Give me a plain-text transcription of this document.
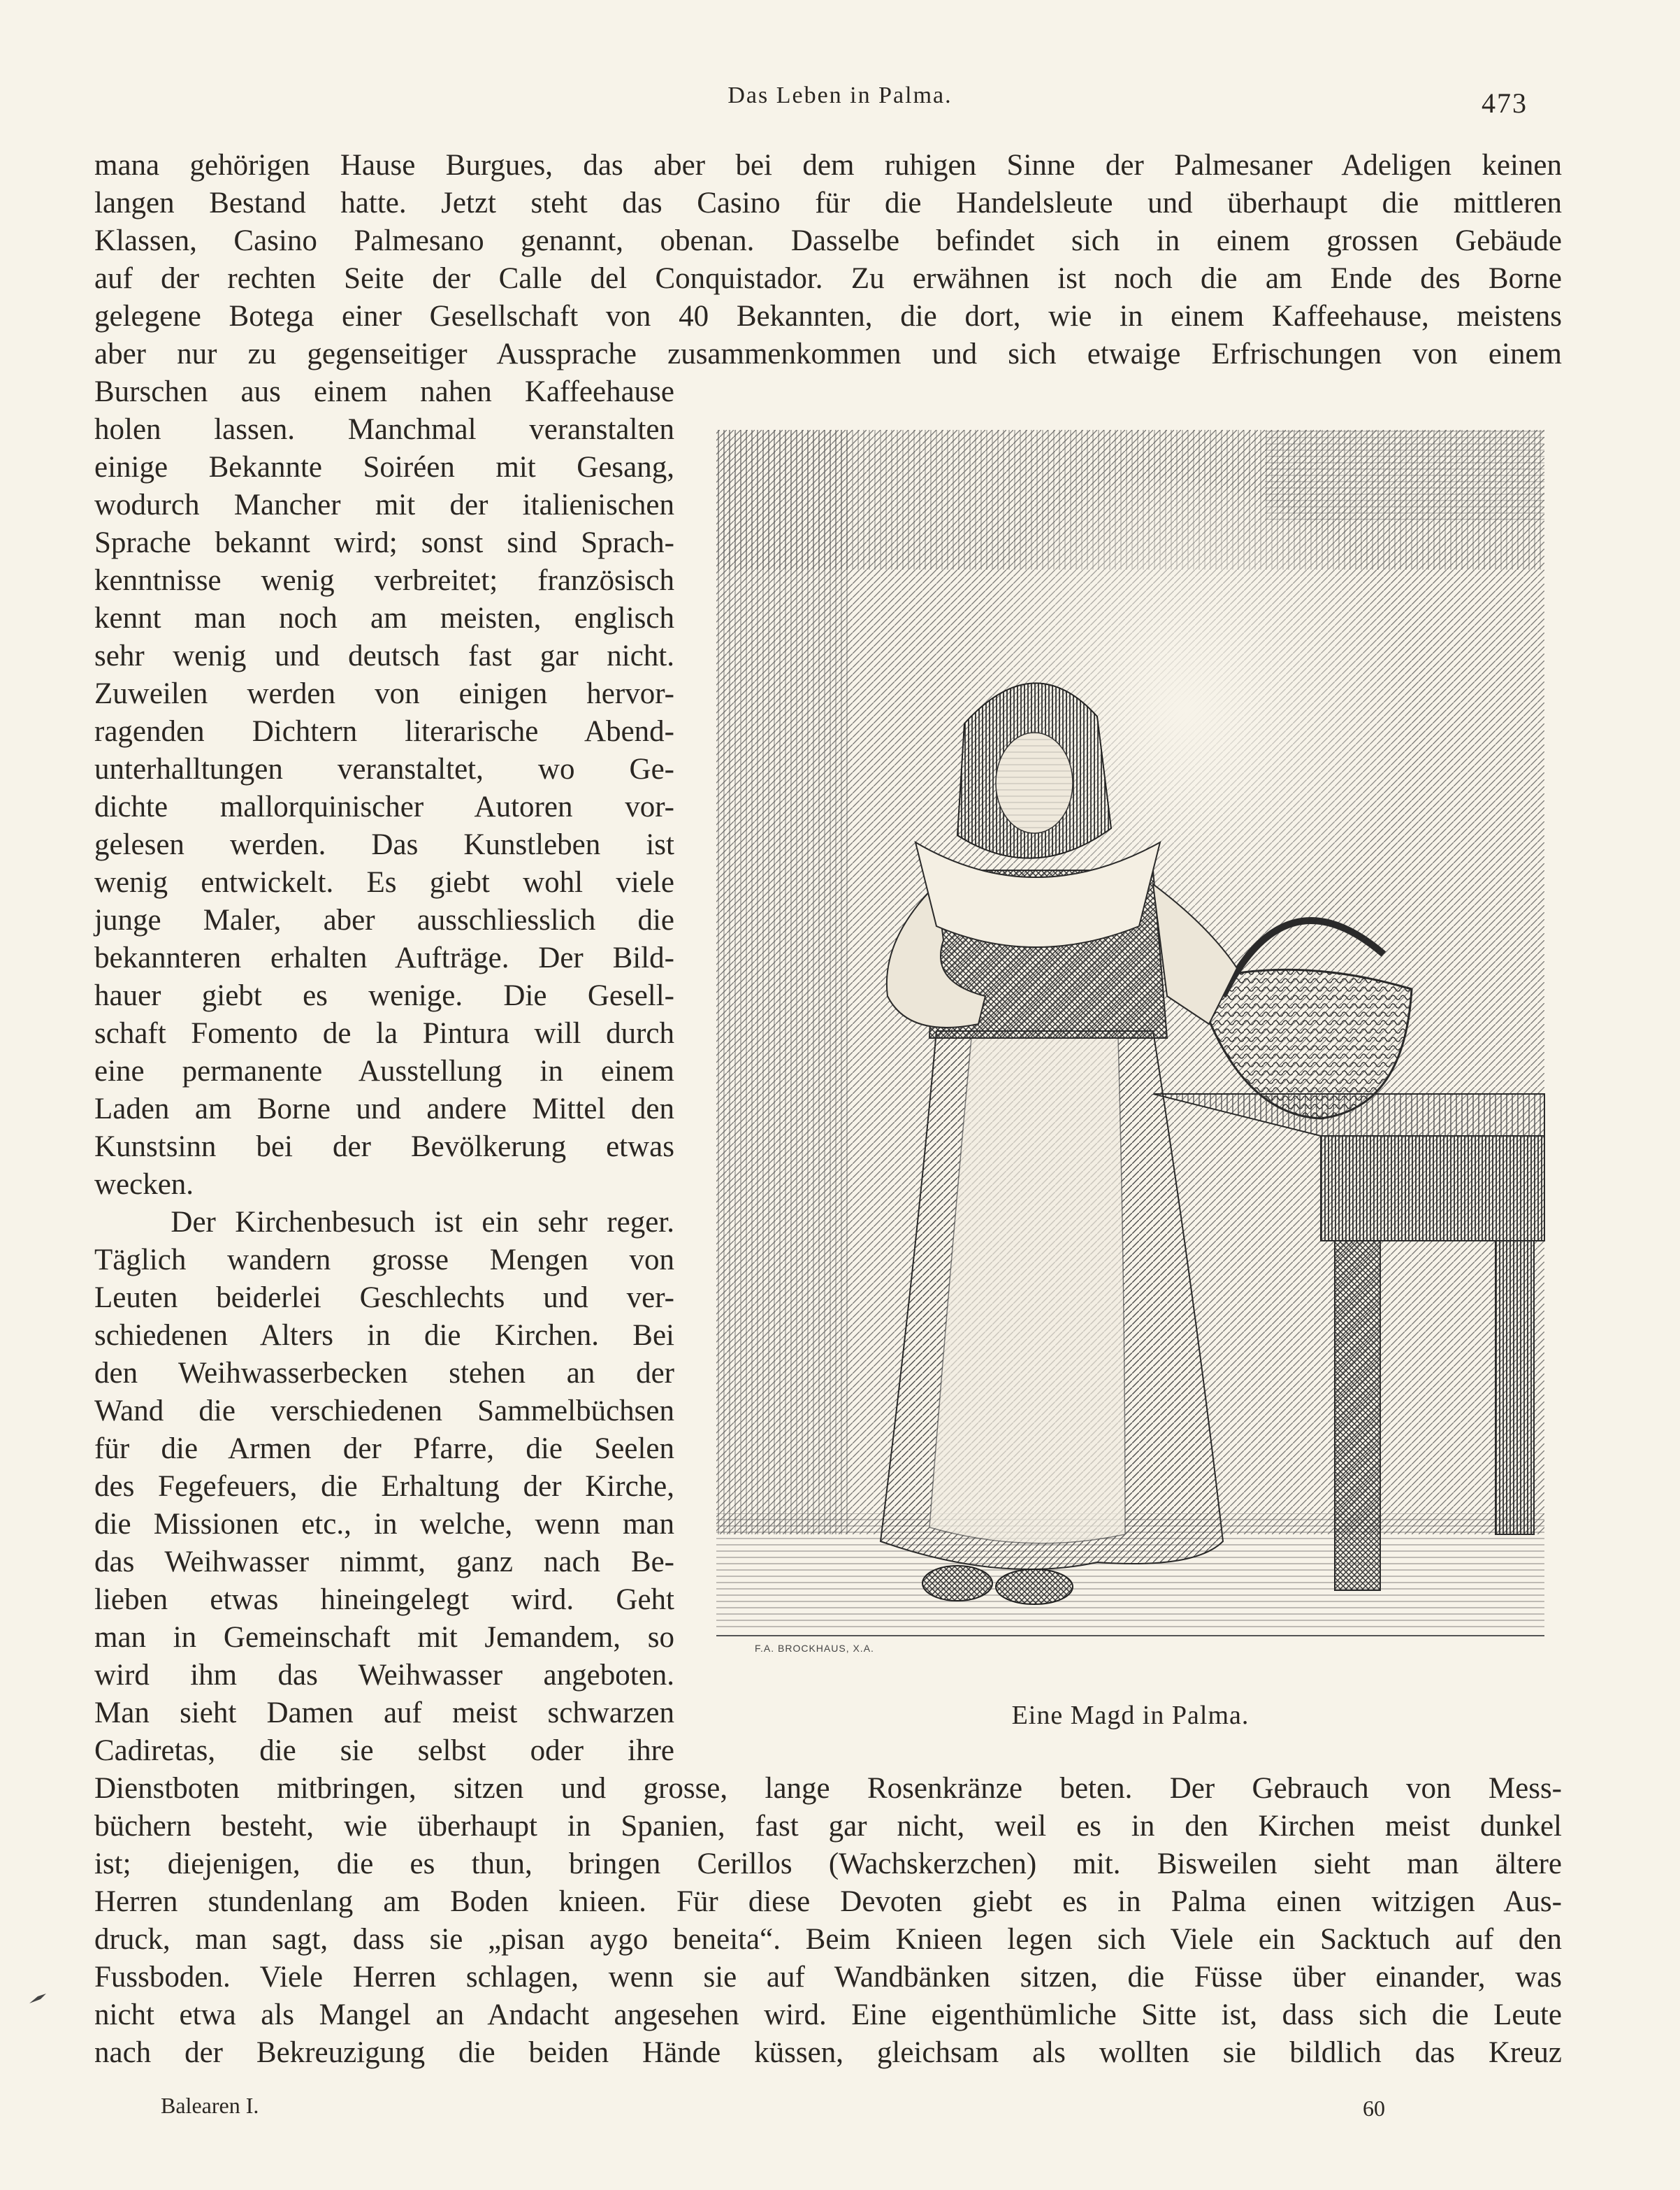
Das Leben in Palma.	473
mana gehörigen Hause Burgues, das aber bei dem ruhigen Sinne der Palmesaner Adeligen keinen
langen Bestand hatte. Jetzt steht das Casino für die Handelsleute und überhaupt die mittleren
Klassen, Casino Palmesano genannt, obenan. Dasselbe befindet sich in einem grossen Gebäude
auf der rechten Seite der Calle del Conquistador. Zu erwähnen ist noch die am Ende des Borne
gelegene Botega einer Gesellschaft von 40 Bekannten, die dort, wie in einem Kaffeehause, meistens
aber nur zu gegenseitiger Aussprache zusammenkommen und sich etwaige Erfrischungen von einem
Burschen aus einem nahen Kaffeehause
holen lassen. Manchmal veranstalten
einige Bekannte Soiréen mit Gesang,
wodurch Mancher mit der italienischen
Sprache bekannt wird; sonst sind Sprach-
kenntnisse wenig verbreitet; französisch
kennt man noch am meisten, englisch
sehr wenig und deutsch fast gar nicht.
Zuweilen werden von einigen hervor-
ragenden Dichtern literarische Abend-
unterhalltungen veranstaltet, wo Ge-
dichte mallorquinischer Autoren vor-
gelesen werden. Das Kunstleben ist
wenig entwickelt. Es giebt wohl viele
junge Maler, aber ausschliesslich die
bekannteren erhalten Aufträge. Der Bild-
hauer giebt es wenige. Die Gesell-
schaft Fomento de la Pintura will durch
eine permanente Ausstellung in einem
Laden am Borne und andere Mittel den
Kunstsinn bei der Bevölkerung etwas
wecken.
Der Kirchenbesuch ist ein sehr reger.
Täglich wandern grosse Mengen von
Leuten beiderlei Geschlechts und ver-
schiedenen Alters in die Kirchen. Bei
den Weihwasserbecken stehen an der
Wand die verschiedenen Sammelbüchsen
für die Armen der Pfarre, die Seelen
des Fegefeuers, die Erhaltung der Kirche,
die Missionen etc., in welche, wenn man
das Weihwasser nimmt, ganz nach Be-
lieben etwas hineingelegt wird. Geht
man in Gemeinschaft mit Jemandem, so
wird ihm das Weihwasser angeboten.
Man sieht Damen auf meist schwarzen
Cadiretas, die sie selbst oder ihre
F.A. BROCKHAUS, X.A.
Eine Magd in Palma.
Dienstboten mitbringen, sitzen und grosse, lange Rosenkränze beten. Der Gebrauch von Mess-
büchern besteht, wie überhaupt in Spanien, fast gar nicht, weil es in den Kirchen meist dunkel
ist; diejenigen, die es thun, bringen Cerillos (Wachskerzchen) mit. Bisweilen sieht man ältere
Herren stundenlang am Boden knieen. Für diese Devoten giebt es in Palma einen witzigen Aus-
druck, man sagt, dass sie „pisan aygo beneita“. Beim Knieen legen sich Viele ein Sacktuch auf den
Fussboden. Viele Herren schlagen, wenn sie auf Wandbänken sitzen, die Füsse über einander, was
nicht etwa als Mangel an Andacht angesehen wird. Eine eigenthümliche Sitte ist, dass sich die Leute
nach der Bekreuzigung die beiden Hände küssen, gleichsam als wollten sie bildlich das Kreuz
Balearen I.	60
